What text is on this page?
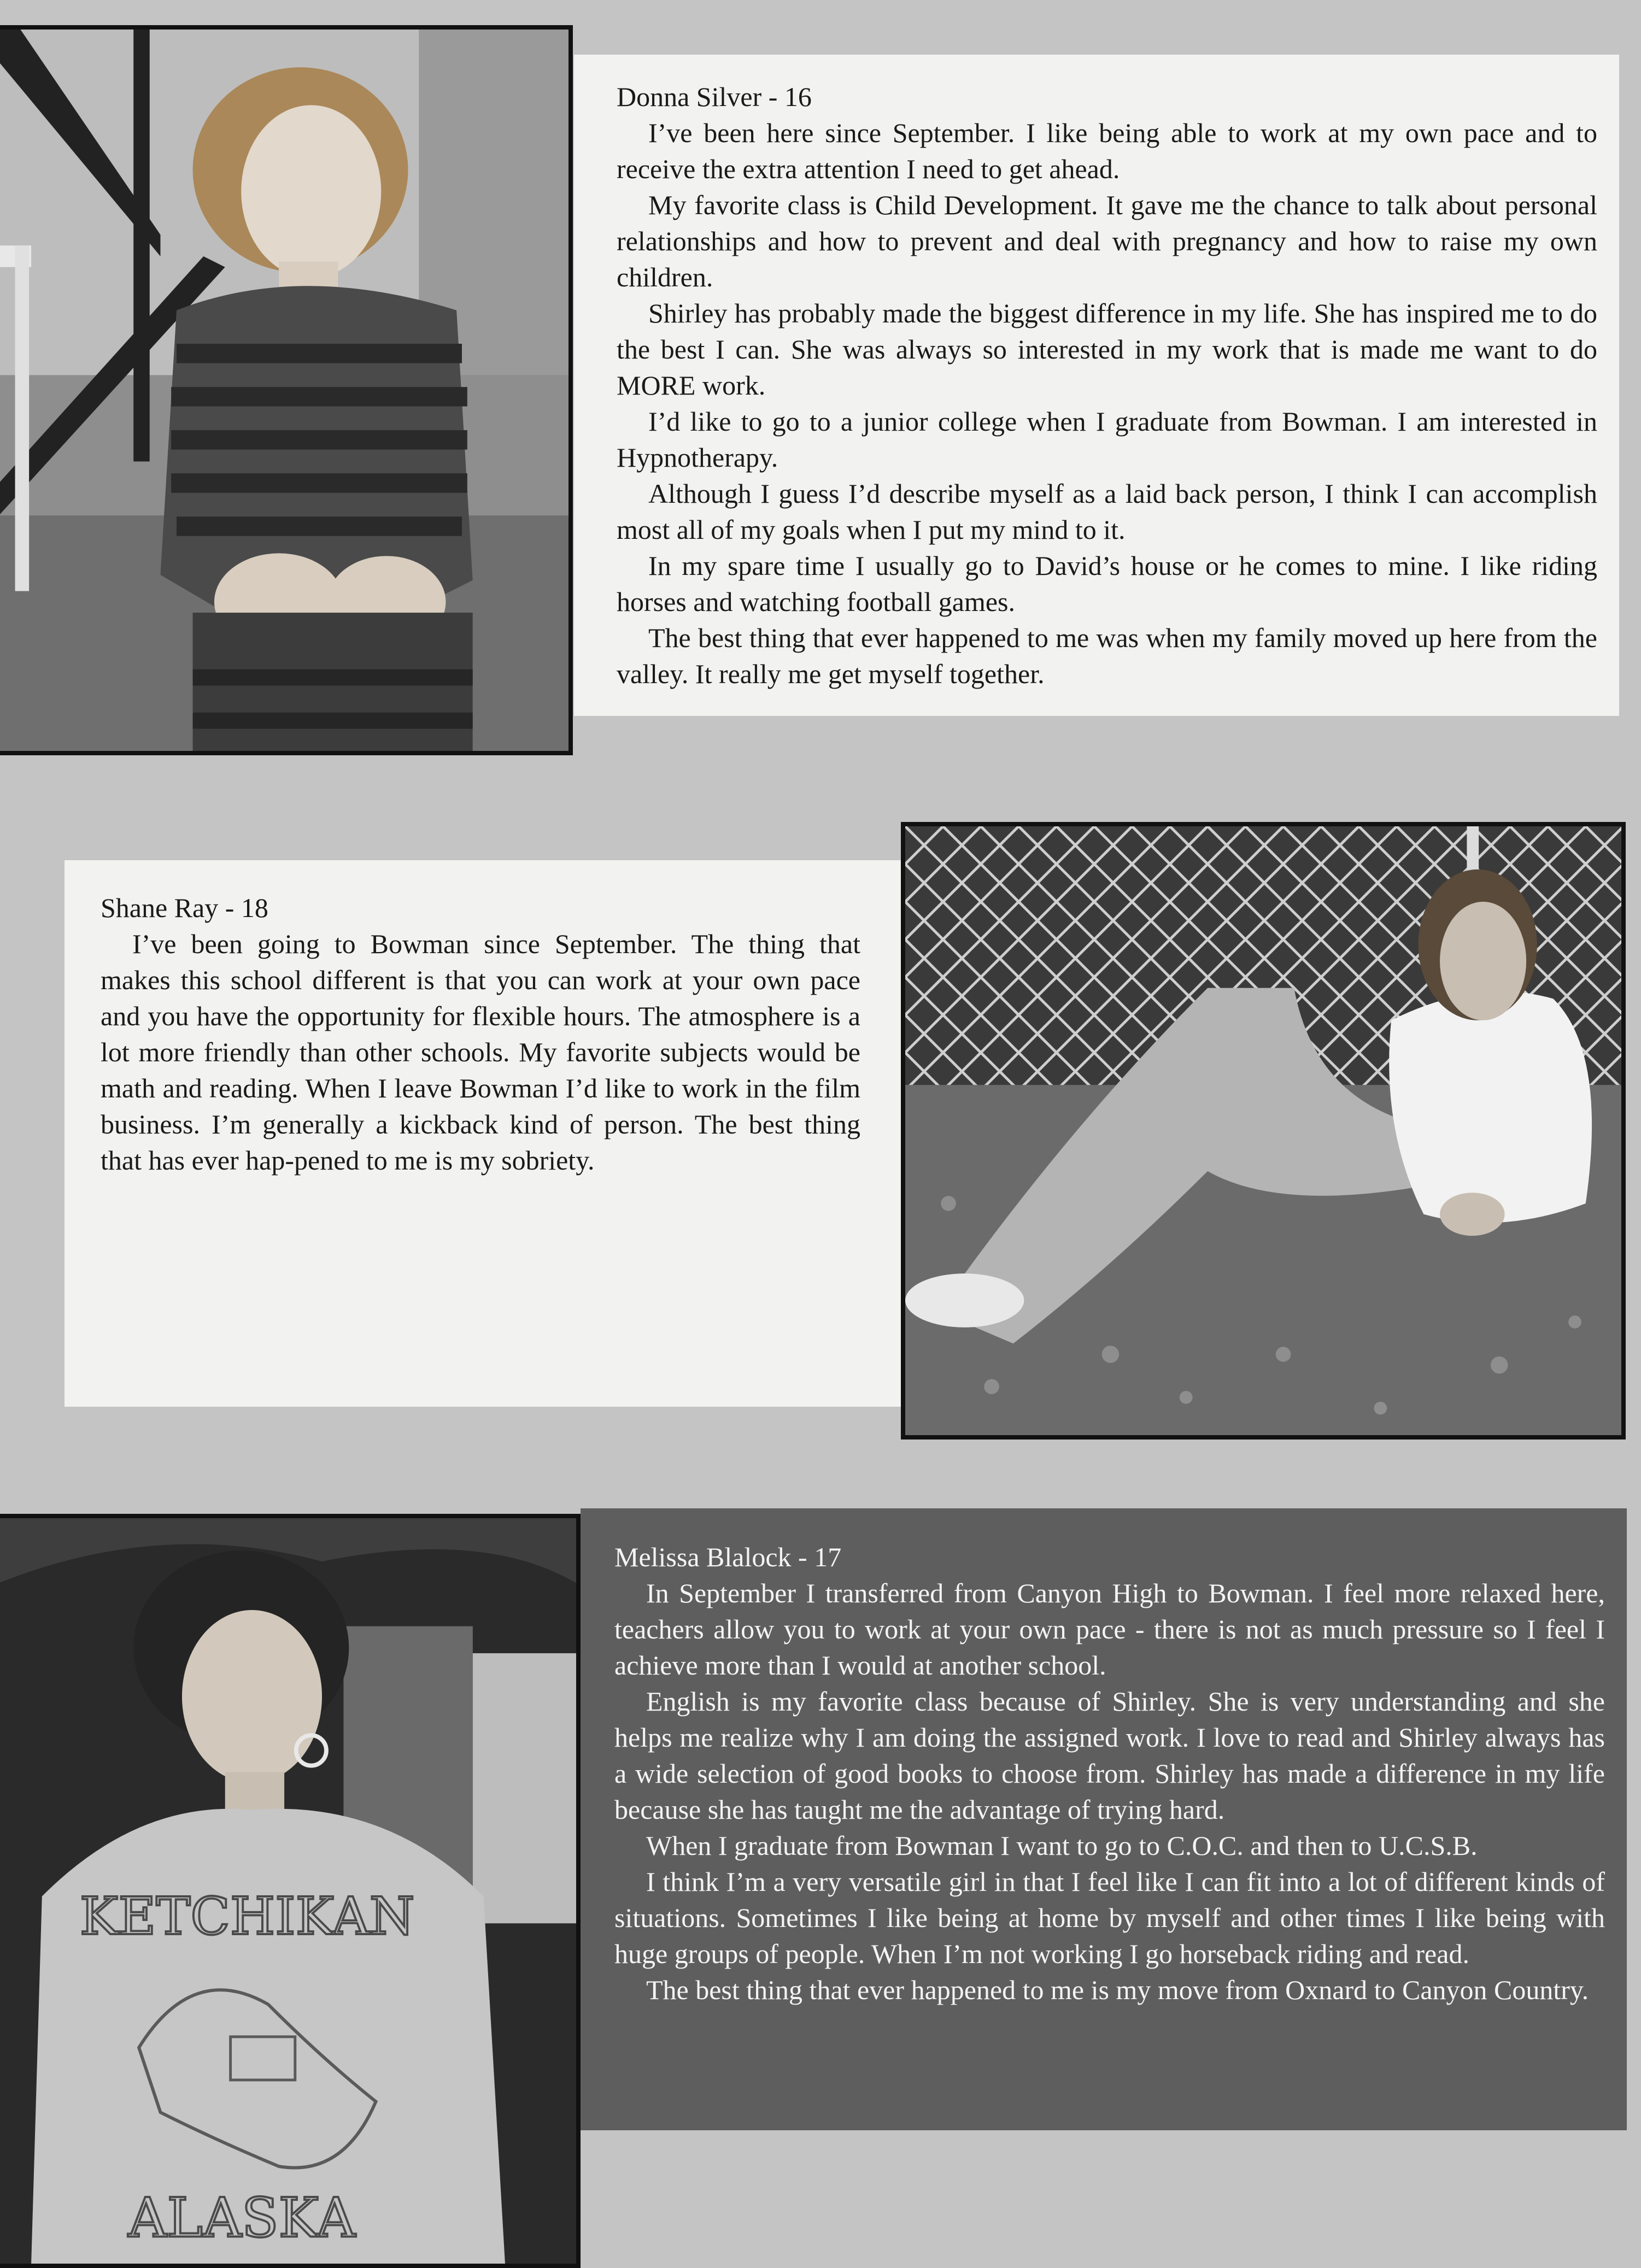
Donna Silver - 16

I’ve been here since September. I like being able to work at my own pace and to receive the extra attention I need to get ahead.

My favorite class is Child Development. It gave me the chance to talk about personal relationships and how to prevent and deal with pregnancy and how to raise my own children.

Shirley has probably made the biggest difference in my life. She has inspired me to do the best I can. She was always so interested in my work that is made me want to do MORE work.

I’d like to go to a junior college when I graduate from Bowman. I am interested in Hypnotherapy.

Although I guess I’d describe myself as a laid back person, I think I can accomplish most all of my goals when I put my mind to it.

In my spare time I usually go to David’s house or he comes to mine. I like riding horses and watching football games.

The best thing that ever happened to me was when my family moved up here from the valley. It really me get myself together.

Shane Ray - 18

I’ve been going to Bowman since September. The thing that makes this school different is that you can work at your own pace and you have the opportunity for flexible hours. The atmosphere is a lot more friendly than other schools. My favorite subjects would be math and reading. When I leave Bowman I’d like to work in the film business. I’m generally a kickback kind of person. The best thing that has ever hap-pened to me is my sobriety.

KETCHIKAN
ALASKA

Melissa Blalock - 17

In September I transferred from Canyon High to Bowman. I feel more relaxed here, teachers allow you to work at your own pace - there is not as much pressure so I feel I achieve more than I would at another school.

English is my favorite class because of Shirley. She is very understanding and she helps me realize why I am doing the assigned work. I love to read and Shirley always has a wide selection of good books to choose from. Shirley has made a difference in my life because she has taught me the advantage of trying hard.

When I graduate from Bowman I want to go to C.O.C. and then to U.C.S.B.

I think I’m a very versatile girl in that I feel like I can fit into a lot of different kinds of situations. Sometimes I like being at home by myself and other times I like being with huge groups of people. When I’m not working I go horseback riding and read.

The best thing that ever happened to me is my move from Oxnard to Canyon Country.
